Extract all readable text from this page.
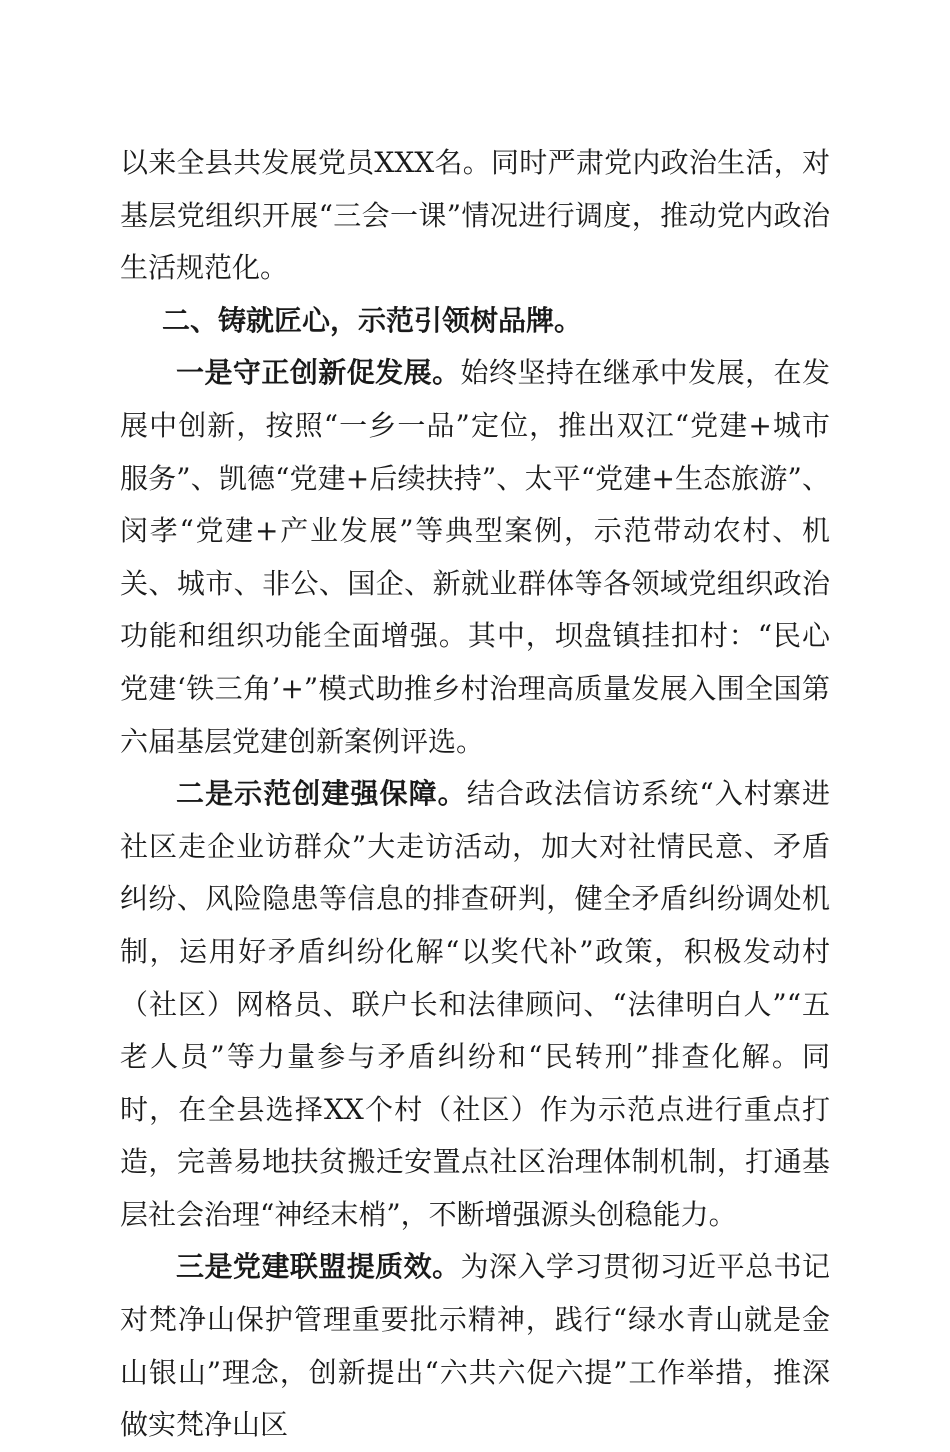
以来全县共发展党员XXX名。同时严肃党内政治生活，对基层党组织开展“三会一课”情况进行调度，推动党内政治生活规范化。

二、铸就匠心，示范引领树品牌。

一是守正创新促发展。始终坚持在继承中发展，在发展中创新，按照“一乡一品”定位，推出双江“党建+城市服务”、凯德“党建+后续扶持”、太平“党建+生态旅游”、闵孝“党建+产业发展”等典型案例，示范带动农村、机关、城市、非公、国企、新就业群体等各领域党组织政治功能和组织功能全面增强。其中，坝盘镇挂扣村：“民心党建‘铁三角’+”模式助推乡村治理高质量发展入围全国第六届基层党建创新案例评选。

二是示范创建强保障。结合政法信访系统“入村寨进社区走企业访群众”大走访活动，加大对社情民意、矛盾纠纷、风险隐患等信息的排查研判，健全矛盾纠纷调处机制，运用好矛盾纠纷化解“以奖代补”政策，积极发动村（社区）网格员、联户长和法律顾问、“法律明白人”“五老人员”等力量参与矛盾纠纷和“民转刑”排查化解。同时，在全县选择XX个村（社区）作为示范点进行重点打造，完善易地扶贫搬迁安置点社区治理体制机制，打通基层社会治理“神经末梢”，不断增强源头创稳能力。

三是党建联盟提质效。为深入学习贯彻习近平总书记对梵净山保护管理重要批示精神，践行“绿水青山就是金山银山”理念，创新提出“六共六促六提”工作举措，推深做实梵净山区
